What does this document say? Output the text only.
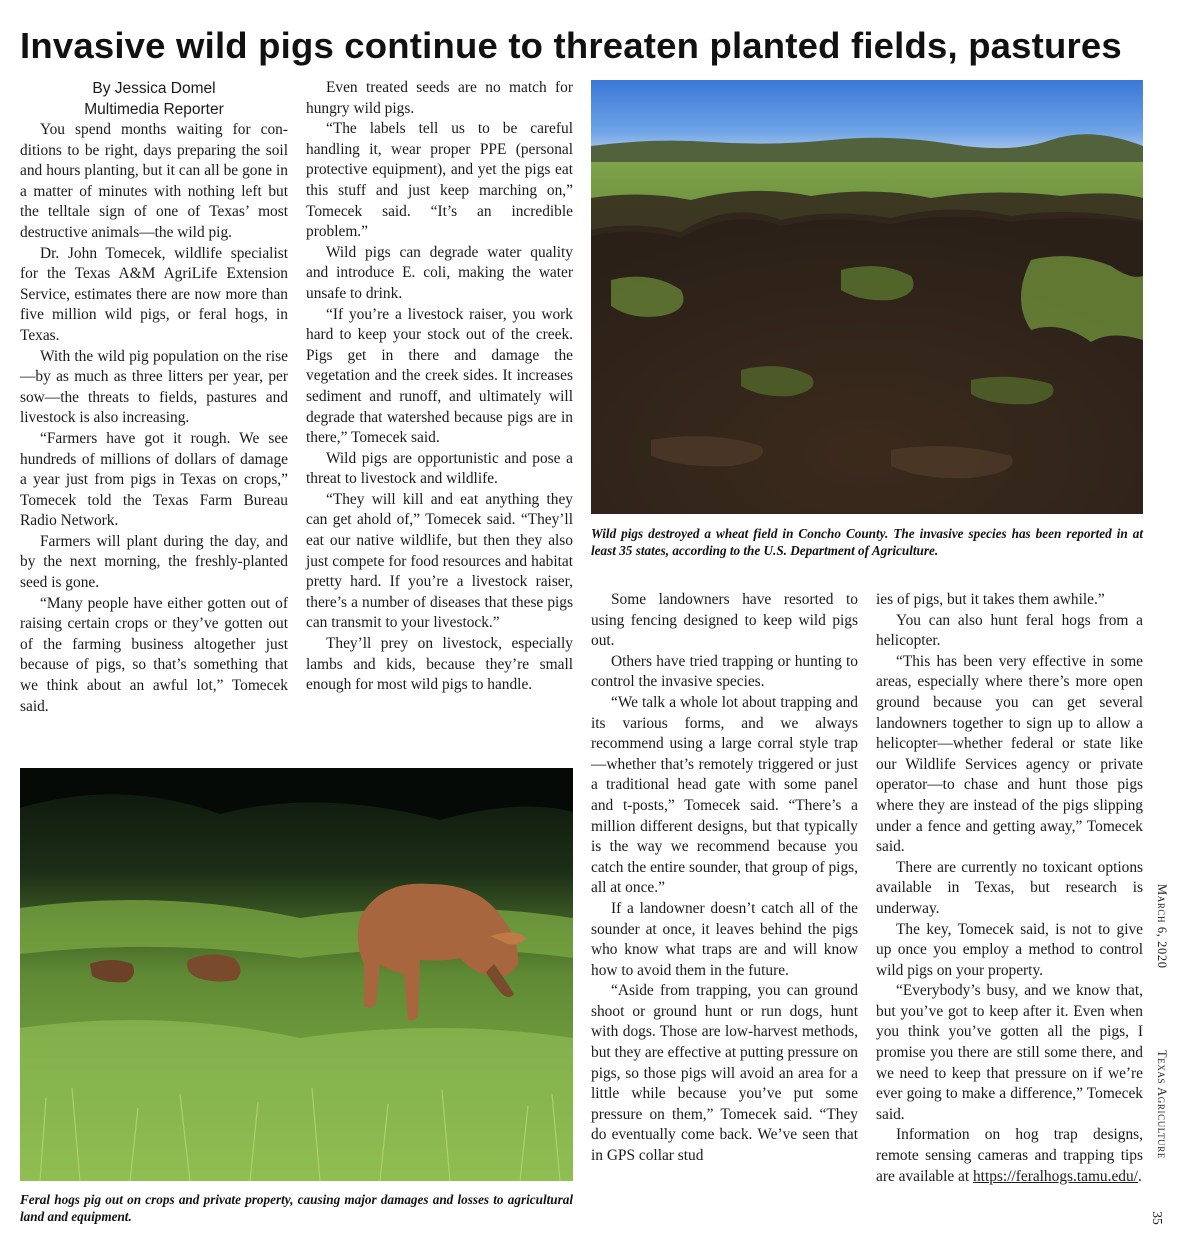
Invasive wild pigs continue to threaten planted fields, pastures
By Jessica Domel
Multimedia Reporter

You spend months waiting for conditions to be right, days preparing the soil and hours planting, but it can all be gone in a matter of minutes with nothing left but the telltale sign of one of Texas’ most destructive animals—the wild pig.

Dr. John Tomecek, wildlife specialist for the Texas A&M AgriLife Extension Service, estimates there are now more than five million wild pigs, or feral hogs, in Texas.

With the wild pig population on the rise—by as much as three litters per year, per sow—the threats to fields, pastures and livestock is also increasing.

“Farmers have got it rough. We see hundreds of millions of dollars of damage a year just from pigs in Texas on crops,” Tomecek told the Texas Farm Bureau Radio Network.

Farmers will plant during the day, and by the next morning, the freshly-planted seed is gone.

“Many people have either gotten out of raising certain crops or they’ve gotten out of the farming business altogether just because of pigs, so that’s something that we think about an awful lot,” Tomecek said.

Even treated seeds are no match for hungry wild pigs.

“The labels tell us to be careful handling it, wear proper PPE (personal protective equipment), and yet the pigs eat this stuff and just keep marching on,” Tomecek said. “It’s an incredible problem.”

Wild pigs can degrade water quality and introduce E. coli, making the water unsafe to drink.

“If you’re a livestock raiser, you work hard to keep your stock out of the creek. Pigs get in there and damage the vegetation and the creek sides. It increases sediment and runoff, and ultimately will degrade that watershed because pigs are in there,” Tomecek said.

Wild pigs are opportunistic and pose a threat to livestock and wildlife.

“They will kill and eat anything they can get ahold of,” Tomecek said. “They’ll eat our native wildlife, but then they also just compete for food resources and habitat pretty hard. If you’re a livestock raiser, there’s a number of diseases that these pigs can transmit to your livestock.”

They’ll prey on livestock, especially lambs and kids, because they’re small enough for most wild pigs to handle.

Wild pigs destroyed a wheat field in Concho County. The invasive species has been reported in at least 35 states, according to the U.S. Department of Agriculture.
Feral hogs pig out on crops and private property, causing major damages and losses to agricultural land and equipment.

Some landowners have resorted to using fencing designed to keep wild pigs out.

Others have tried trapping or hunting to control the invasive species.

“We talk a whole lot about trapping and its various forms, and we always recommend using a large corral style trap—whether that’s remotely triggered or just a traditional head gate with some panel and t-posts,” Tomecek said. “There’s a million different designs, but that typically is the way we recommend because you catch the entire sounder, that group of pigs, all at once.”

If a landowner doesn’t catch all of the sounder at once, it leaves behind the pigs who know what traps are and will know how to avoid them in the future.

“Aside from trapping, you can ground shoot or ground hunt or run dogs, hunt with dogs. Those are low-harvest methods, but they are effective at putting pressure on pigs, so those pigs will avoid an area for a little while because you’ve put some pressure on them,” Tomecek said. “They do eventually come back. We’ve seen that in GPS collar stud

ies of pigs, but it takes them awhile.”

You can also hunt feral hogs from a helicopter.

“This has been very effective in some areas, especially where there’s more open ground because you can get several landowners together to sign up to allow a helicopter—whether federal or state like our Wildlife Services agency or private operator—to chase and hunt those pigs where they are instead of the pigs slipping under a fence and getting away,” Tomecek said.

There are currently no toxicant options available in Texas, but research is underway.

The key, Tomecek said, is not to give up once you employ a method to control wild pigs on your property.

“Everybody’s busy, and we know that, but you’ve got to keep after it. Even when you think you’ve gotten all the pigs, I promise you there are still some there, and we need to keep that pressure on if we’re ever going to make a difference,” Tomecek said.

Information on hog trap designs, remote sensing cameras and trapping tips are available at https://feralhogs.tamu.edu/.

March 6, 2020
Texas Agriculture
35
